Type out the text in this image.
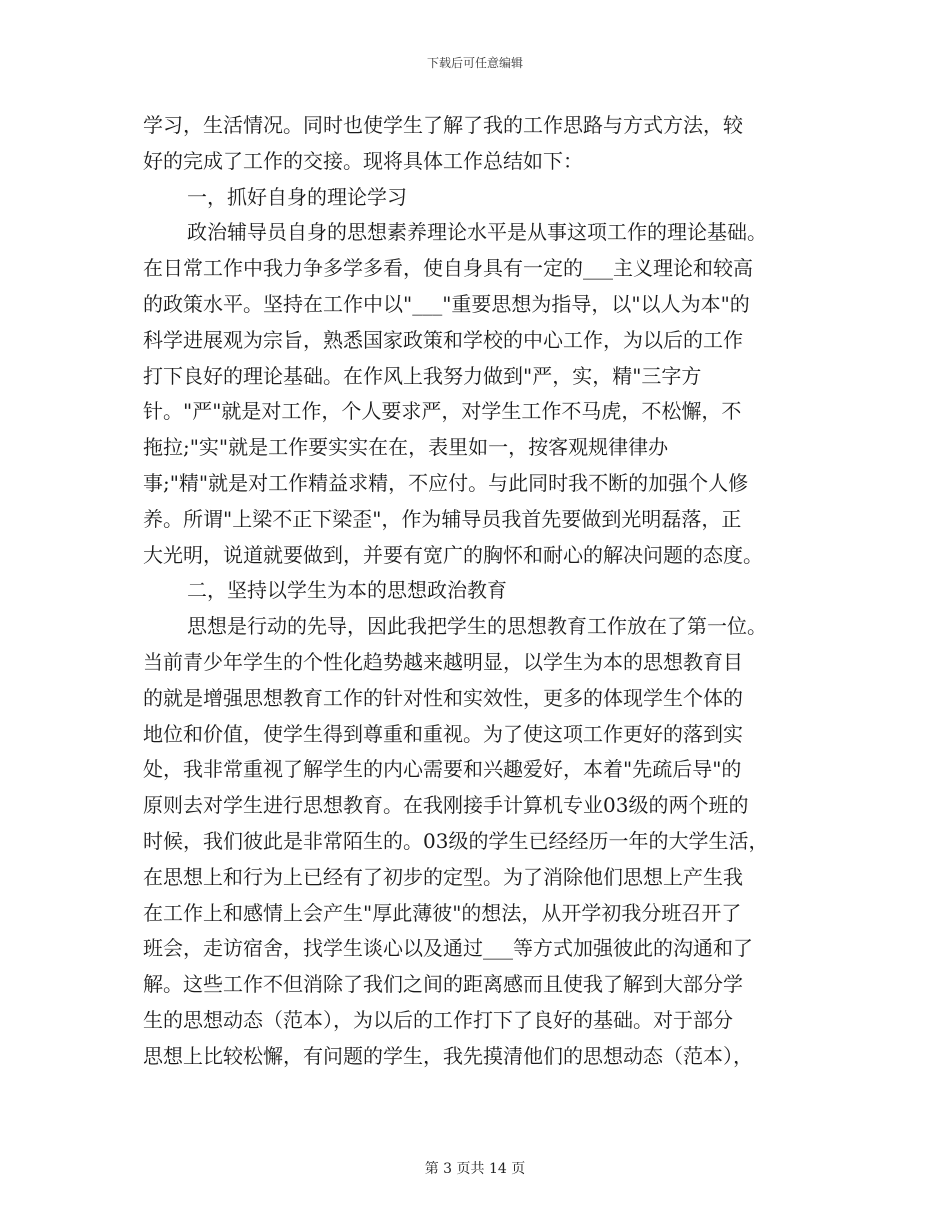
下载后可任意编辑
学习，生活情况。同时也使学生了解了我的工作思路与方式方法，较
好的完成了工作的交接。现将具体工作总结如下：
一，抓好自身的理论学习
政治辅导员自身的思想素养理论水平是从事这项工作的理论基础。
在日常工作中我力争多学多看，使自身具有一定的___主义理论和较高
的政策水平。坚持在工作中以"___"重要思想为指导，以"以人为本"的
科学进展观为宗旨，熟悉国家政策和学校的中心工作，为以后的工作
打下良好的理论基础。在作风上我努力做到"严，实，精"三字方
针。"严"就是对工作，个人要求严，对学生工作不马虎，不松懈，不
拖拉;"实"就是工作要实实在在，表里如一，按客观规律律办
事;"精"就是对工作精益求精，不应付。与此同时我不断的加强个人修
养。所谓"上梁不正下梁歪"，作为辅导员我首先要做到光明磊落，正
大光明，说道就要做到，并要有宽广的胸怀和耐心的解决问题的态度。
二，坚持以学生为本的思想政治教育
思想是行动的先导，因此我把学生的思想教育工作放在了第一位。
当前青少年学生的个性化趋势越来越明显，以学生为本的思想教育目
的就是增强思想教育工作的针对性和实效性，更多的体现学生个体的
地位和价值，使学生得到尊重和重视。为了使这项工作更好的落到实
处，我非常重视了解学生的内心需要和兴趣爱好，本着"先疏后导"的
原则去对学生进行思想教育。在我刚接手计算机专业03级的两个班的
时候，我们彼此是非常陌生的。03级的学生已经经历一年的大学生活，
在思想上和行为上已经有了初步的定型。为了消除他们思想上产生我
在工作上和感情上会产生"厚此薄彼"的想法，从开学初我分班召开了
班会，走访宿舍，找学生谈心以及通过___等方式加强彼此的沟通和了
解。这些工作不但消除了我们之间的距离感而且使我了解到大部分学
生的思想动态（范本），为以后的工作打下了良好的基础。对于部分
思想上比较松懈，有问题的学生，我先摸清他们的思想动态（范本），
第 3 页共 14 页
